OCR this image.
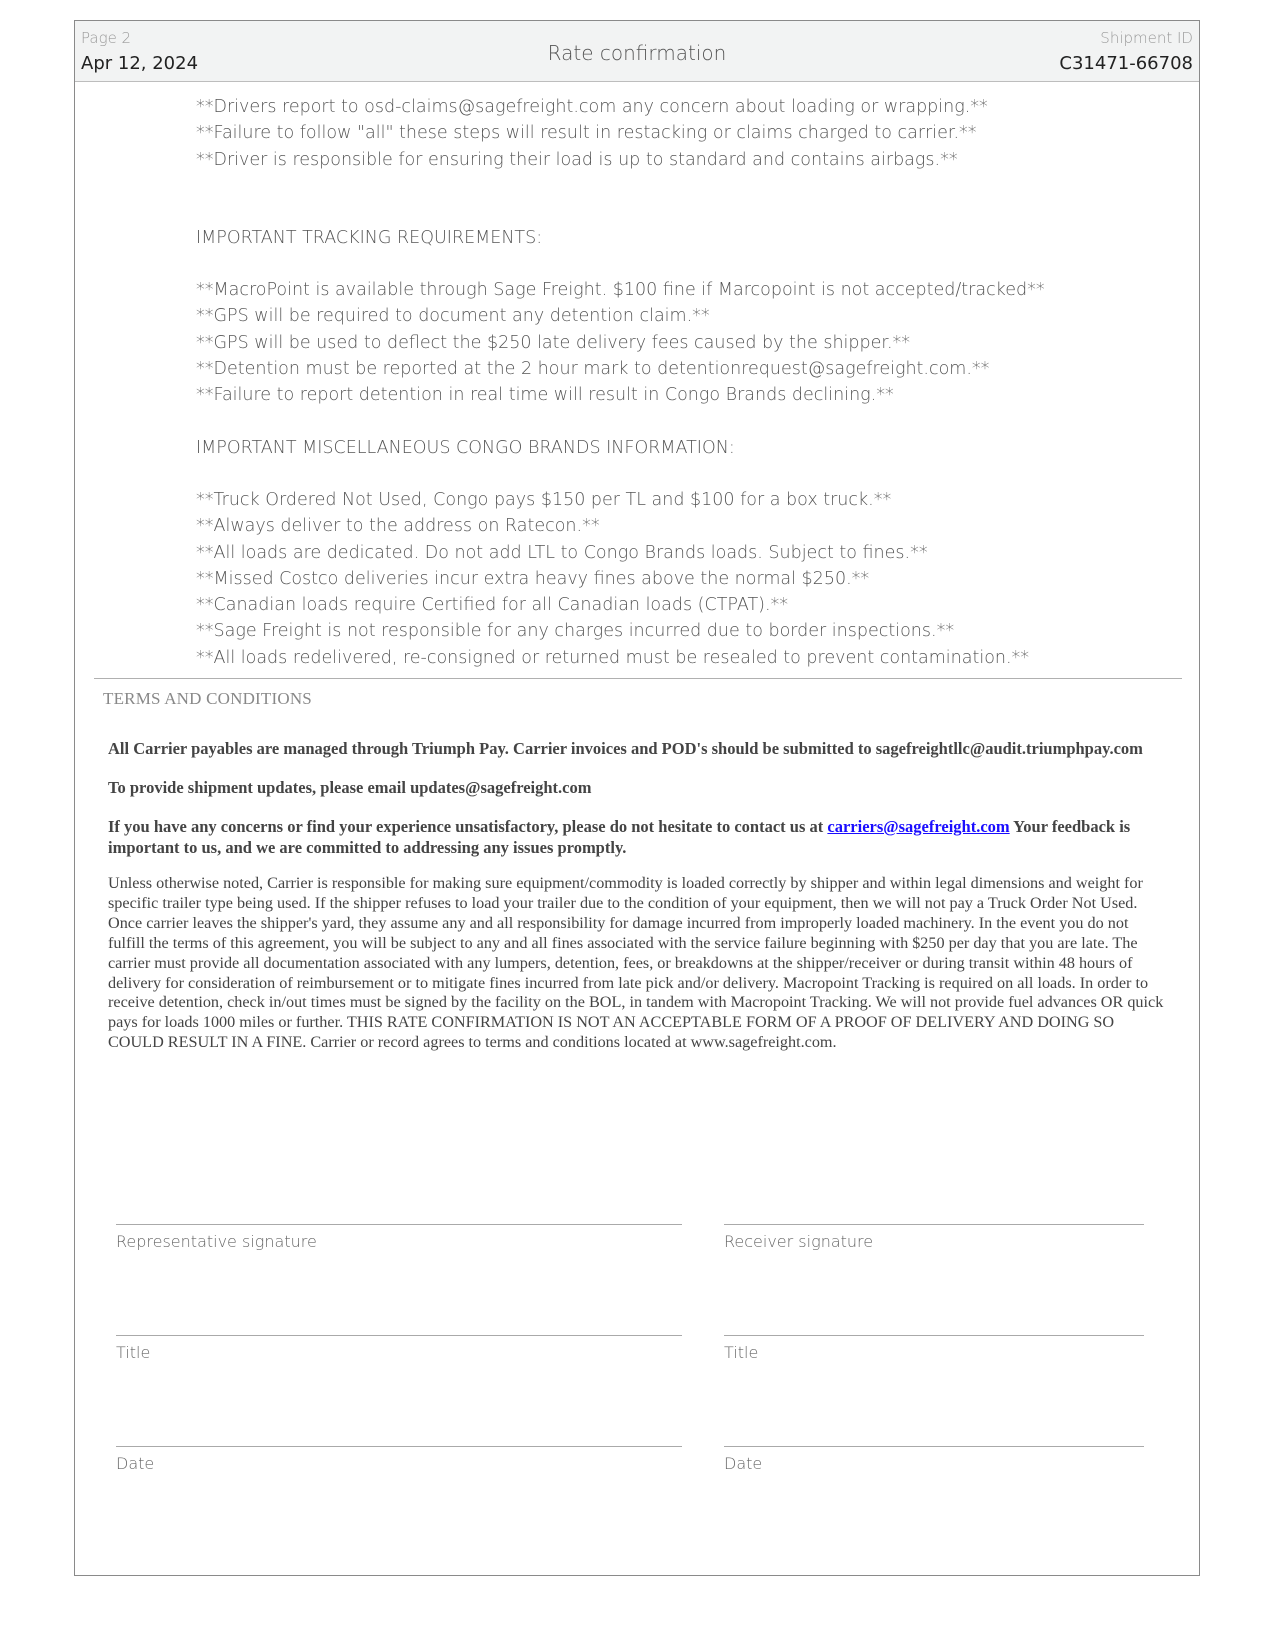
Page 2
Apr 12, 2024	Rate confirmation
Shipment ID
C31471-66708
**Drivers report to osd-claims@sagefreight.com any concern about loading or wrapping.**
**Failure to follow "all" these steps will result in restacking or claims charged to carrier.**
**Driver is responsible for ensuring their load is up to standard and contains airbags.**
IMPORTANT TRACKING REQUIREMENTS:
**MacroPoint is available through Sage Freight. $100 fine if Marcopoint is not accepted/tracked**
**GPS will be required to document any detention claim.**
**GPS will be used to deflect the $250 late delivery fees caused by the shipper.**
**Detention must be reported at the 2 hour mark to detentionrequest@sagefreight.com.**
**Failure to report detention in real time will result in Congo Brands declining.**
IMPORTANT MISCELLANEOUS CONGO BRANDS INFORMATION:
**Truck Ordered Not Used, Congo pays $150 per TL and $100 for a box truck.**
**Always deliver to the address on Ratecon.**
**All loads are dedicated. Do not add LTL to Congo Brands loads. Subject to fines.**
**Missed Costco deliveries incur extra heavy fines above the normal $250.**
**Canadian loads require Certified for all Canadian loads (CTPAT).**
**Sage Freight is not responsible for any charges incurred due to border inspections.**
**All loads redelivered, re-consigned or returned must be resealed to prevent contamination.**
TERMS AND CONDITIONS

All Carrier payables are managed through Triumph Pay. Carrier invoices and POD's should be submitted to sagefreightllc@audit.triumphpay.com

To provide shipment updates, please email updates@sagefreight.com

If you have any concerns or find your experience unsatisfactory, please do not hesitate to contact us at carriers@sagefreight.com Your feedback is important to us, and we are committed to addressing any issues promptly.

Unless otherwise noted, Carrier is responsible for making sure equipment/commodity is loaded correctly by shipper and within legal dimensions and weight for specific trailer type being used. If the shipper refuses to load your trailer due to the condition of your equipment, then we will not pay a Truck Order Not Used. Once carrier leaves the shipper's yard, they assume any and all responsibility for damage incurred from improperly loaded machinery. In the event you do not fulfill the terms of this agreement, you will be subject to any and all fines associated with the service failure beginning with $250 per day that you are late. The carrier must provide all documentation associated with any lumpers, detention, fees, or breakdowns at the shipper/receiver or during transit within 48 hours of delivery for consideration of reimbursement or to mitigate fines incurred from late pick and/or delivery. Macropoint Tracking is required on all loads. In order to receive detention, check in/out times must be signed by the facility on the BOL, in tandem with Macropoint Tracking. We will not provide fuel advances OR quick pays for loads 1000 miles or further. THIS RATE CONFIRMATION IS NOT AN ACCEPTABLE FORM OF A PROOF OF DELIVERY AND DOING SO COULD RESULT IN A FINE. Carrier or record agrees to terms and conditions located at www.sagefreight.com.

Representative signature	Receiver signature
Title	Title
Date	Date
